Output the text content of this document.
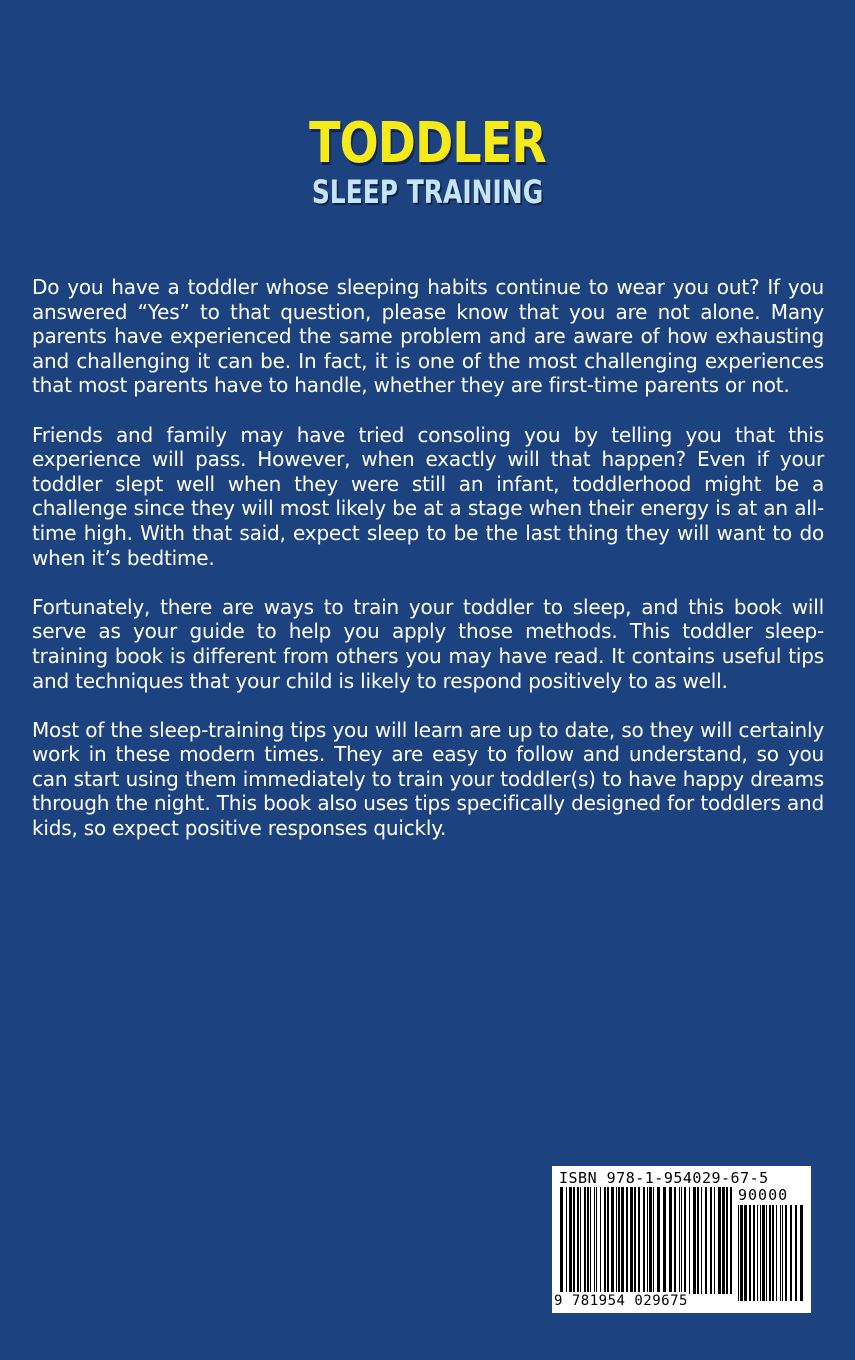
TODDLER
SLEEP TRAINING

Do you have a toddler whose sleeping habits continue to wear you out? If you answered “Yes” to that question, please know that you are not alone. Many parents have experienced the same problem and are aware of how exhausting and challenging it can be. In fact, it is one of the most challenging experiences that most parents have to handle, whether they are first-time parents or not.

Friends and family may have tried consoling you by telling you that this experience will pass. However, when exactly will that happen? Even if your toddler slept well when they were still an infant, toddlerhood might be a challenge since they will most likely be at a stage when their energy is at an all-time high. With that said, expect sleep to be the last thing they will want to do when it’s bedtime.

Fortunately, there are ways to train your toddler to sleep, and this book will serve as your guide to help you apply those methods. This toddler sleep-training book is different from others you may have read. It contains useful tips and techniques that your child is likely to respond positively to as well.

Most of the sleep-training tips you will learn are up to date, so they will certainly work in these modern times. They are easy to follow and understand, so you can start using them immediately to train your toddler(s) to have happy dreams through the night. This book also uses tips specifically designed for toddlers and kids, so expect positive responses quickly.

ISBN 978-1-954029-67-5
90000
9 781954 029675
